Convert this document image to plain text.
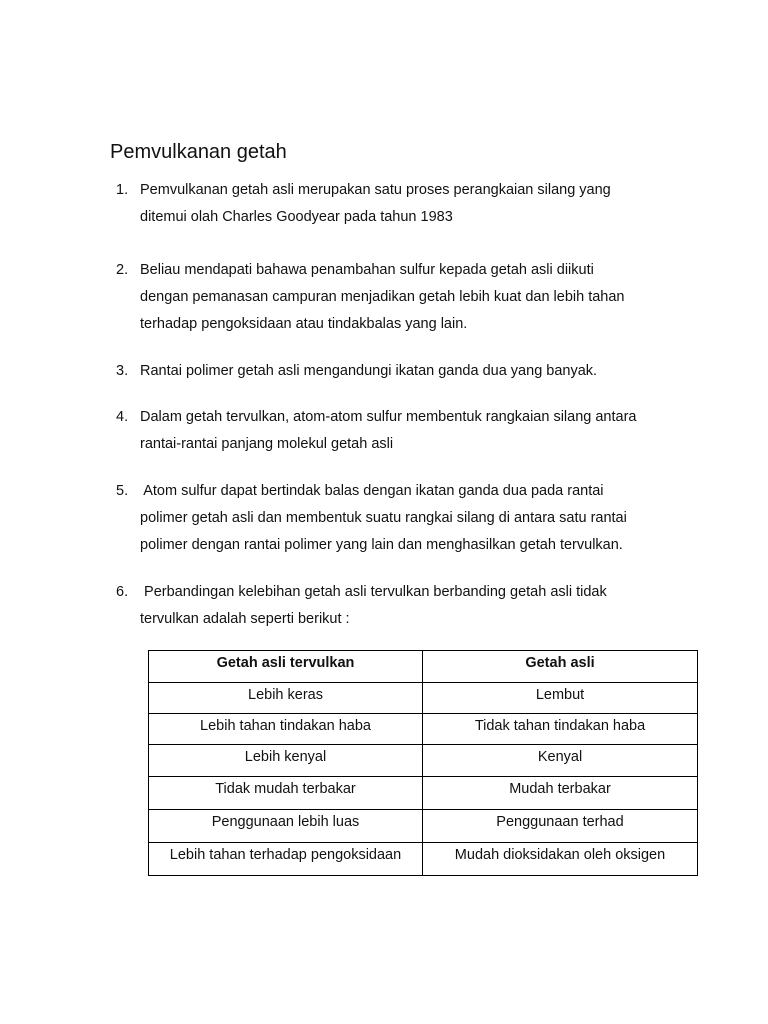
Pemvulkanan getah
1. Pemvulkanan getah asli merupakan satu proses perangkaian silang yang
ditemui olah Charles Goodyear pada tahun 1983
2. Beliau mendapati bahawa penambahan sulfur kepada getah asli diikuti
dengan pemanasan campuran menjadikan getah lebih kuat dan lebih tahan
terhadap pengoksidaan atau tindakbalas yang lain.
3. Rantai polimer getah asli mengandungi ikatan ganda dua yang banyak.
4. Dalam getah tervulkan, atom-atom sulfur membentuk rangkaian silang antara
rantai-rantai panjang molekul getah asli
5. Atom sulfur dapat bertindak balas dengan ikatan ganda dua pada rantai
polimer getah asli dan membentuk suatu rangkai silang di antara satu rantai
polimer dengan rantai polimer yang lain dan menghasilkan getah tervulkan.
6. Perbandingan kelebihan getah asli tervulkan berbanding getah asli tidak
tervulkan adalah seperti berikut :
Getah asli tervulkan	Getah asli
Lebih keras	Lembut
Lebih tahan tindakan haba	Tidak tahan tindakan haba
Lebih kenyal	Kenyal
Tidak mudah terbakar	Mudah terbakar
Penggunaan lebih luas	Penggunaan terhad
Lebih tahan terhadap pengoksidaan	Mudah dioksidakan oleh oksigen
